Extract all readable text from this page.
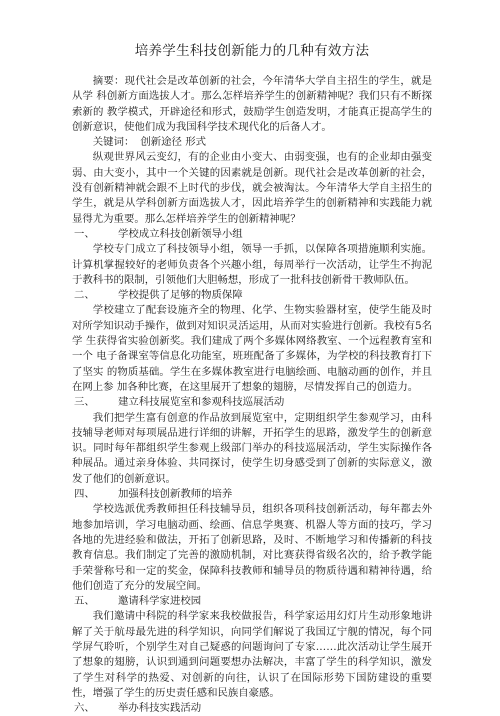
培养学生科技创新能力的几种有效方法

摘要：现代社会是改革创新的社会，今年清华大学自主招生的学生，就是从学 科创新方面选拔人才。那么怎样培养学生的创新精神呢？我们只有不断探索新的 教学模式，开辟途径和形式，鼓励学生创造发明，才能真正提高学生的创新意识，使他们成为我国科学技术现代化的后备人才。

关键词： 创新途径 形式

纵观世界风云变幻，有的企业由小变大、由弱变强，也有的企业却由强变弱、由大变小，其中一个关键的因素就是创新。现代社会是改革创新的社会，没有创新精神就会跟不上时代的步伐，就会被淘汰。今年清华大学自主招生的学生，就是从学科创新方面选拔人才，因此培养学生的创新精神和实践能力就显得尤为重要。那么怎样培养学生的创新精神呢？

一、 学校成立科技创新领导小组

学校专门成立了科技领导小组，领导一手抓，以保障各项措施顺利实施。计算机掌握较好的老师负责各个兴趣小组，每周举行一次活动，让学生不拘泥于教科书的限制，引领他们大胆畅想，形成了一批科技创新骨干教师队伍。

二、 学校提供了足够的物质保障

学校建立了配套设施齐全的物理、化学、生物实验器材室，使学生能及时对所学知识动手操作，做到对知识灵活运用，从而对实验进行创新。我校有5名学 生获得省实验创新奖。我们建成了两个多媒体网络教室、一个远程教育室和一个 电子备课室等信息化功能室，班班配备了多媒体，为学校的科技教育打下了坚实 的物质基础。学生在多媒体教室进行电脑绘画、电脑动画的创作，并且在网上参 加各种比赛，在这里展开了想象的翅膀，尽情发挥自己的创造力。

三、 建立科技展览室和参观科技巡展活动

我们把学生富有创意的作品放到展览室中，定期组织学生参观学习，由科技辅导老师对每项展品进行详细的讲解，开拓学生的思路，激发学生的创新意识。同时每年都组织学生参观上级部门举办的科技巡展活动，学生实际操作各种展品。通过亲身体验、共同探讨，使学生切身感受到了创新的实际意义，激发了他们的创新意识。

四、 加强科技创新教师的培养

学校选派优秀教师担任科技辅导员，组织各项科技创新活动，每年都去外地参加培训，学习电脑动画、绘画、信息学奥赛、机器人等方面的技巧，学习各地的先进经验和做法，开拓了创新思路，及时、不断地学习和传播新的科技教育信息。我们制定了完善的激励机制，对比赛获得省级名次的，给予教学能手荣誉称号和一定的奖金，保障科技教师和辅导员的物质待遇和精神待遇，给他们创造了充分的发展空间。

五、 邀请科学家进校园

我们邀请中科院的科学家来我校做报告，科学家运用幻灯片生动形象地讲解了关于航母最先进的科学知识，向同学们解说了我国辽宁舰的情况，每个同学屏气聆听，个别学生对自己疑惑的问题询问了专家……此次活动让学生展开了想象的翅膀，认识到通到问题要想办法解决，丰富了学生的科学知识，激发了学生对科学的热爱、对创新的向往，认识了在国际形势下国防建设的重要性，增强了学生的历史责任感和民族自豪感。

六、 举办科技实践活动
